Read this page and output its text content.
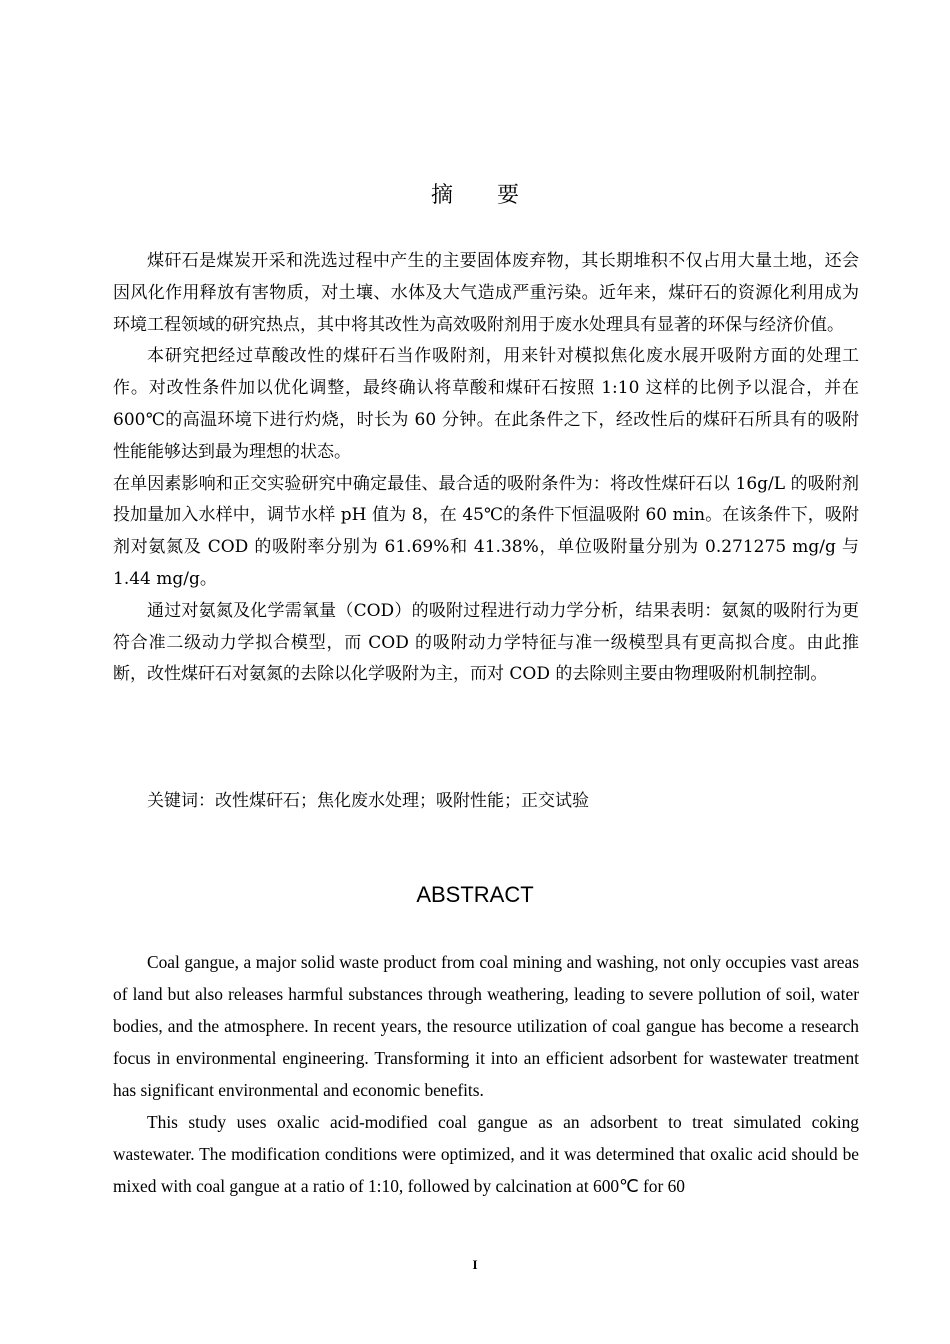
摘 要

煤矸石是煤炭开采和洗选过程中产生的主要固体废弃物，其长期堆积不仅占用大量土地，还会因风化作用释放有害物质，对土壤、水体及大气造成严重污染。近年来，煤矸石的资源化利用成为环境工程领域的研究热点，其中将其改性为高效吸附剂用于废水处理具有显著的环保与经济价值。

本研究把经过草酸改性的煤矸石当作吸附剂，用来针对模拟焦化废水展开吸附方面的处理工作。对改性条件加以优化调整，最终确认将草酸和煤矸石按照 1:10 这样的比例予以混合，并在 600℃的高温环境下进行灼烧，时长为 60 分钟。在此条件之下，经改性后的煤矸石所具有的吸附性能能够达到最为理想的状态。

在单因素影响和正交实验研究中确定最佳、最合适的吸附条件为：将改性煤矸石以 16g/L 的吸附剂投加量加入水样中，调节水样 pH 值为 8，在 45℃的条件下恒温吸附 60 min。在该条件下，吸附剂对氨氮及 COD 的吸附率分别为 61.69%和 41.38%，单位吸附量分别为 0.271275 mg/g 与 1.44 mg/g。

通过对氨氮及化学需氧量（COD）的吸附过程进行动力学分析，结果表明：氨氮的吸附行为更符合准二级动力学拟合模型，而 COD 的吸附动力学特征与准一级模型具有更高拟合度。由此推断，改性煤矸石对氨氮的去除以化学吸附为主，而对 COD 的去除则主要由物理吸附机制控制。

关键词：改性煤矸石；焦化废水处理；吸附性能；正交试验
ABSTRACT

Coal gangue, a major solid waste product from coal mining and washing, not only occupies vast areas of land but also releases harmful substances through weathering, leading to severe pollution of soil, water bodies, and the atmosphere. In recent years, the resource utilization of coal gangue has become a research focus in environmental engineering. Transforming it into an efficient adsorbent for wastewater treatment has significant environmental and economic benefits.

This study uses oxalic acid-modified coal gangue as an adsorbent to treat simulated coking wastewater. The modification conditions were optimized, and it was determined that oxalic acid should be mixed with coal gangue at a ratio of 1:10, followed by calcination at 600℃ for 60

I
